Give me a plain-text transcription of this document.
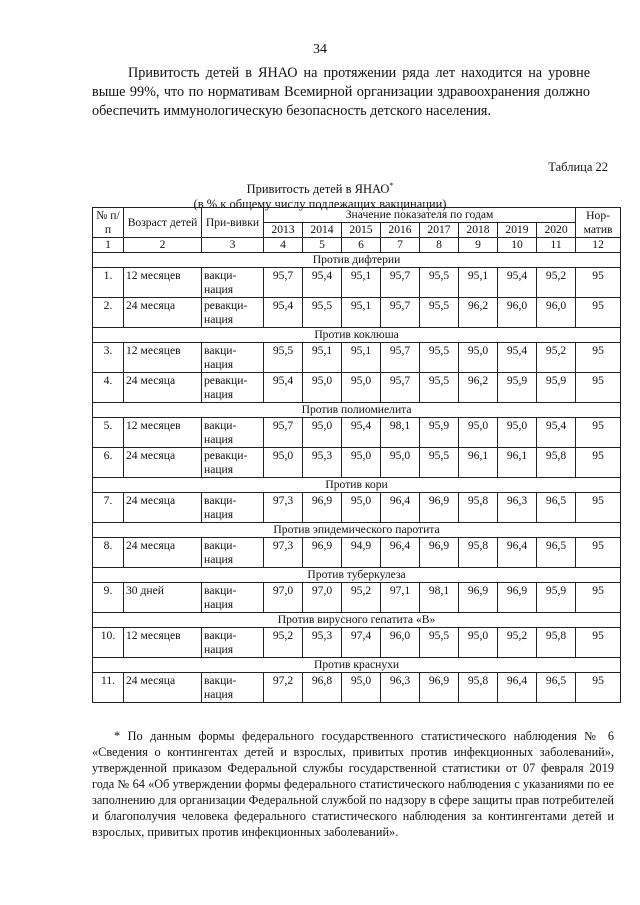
34

Привитость детей в ЯНАО на протяжении ряда лет находится на уровне выше 99%, что по нормативам Всемирной организации здравоохранения должно обеспечить иммунологическую безопасность детского населения.

Таблица 22
Привитость детей в ЯНАО*
(в % к общему числу подлежащих вакцинации)
№ п/п	Возраст детей	При-вивки	Значение показателя по годам								Нор-матив
			2013	2014	2015	2016	2017	2018	2019	2020	
1	2	3	4	5	6	7	8	9	10	11	12
Против дифтерии											
1.	12 месяцев	вакци-нация	95,7	95,4	95,1	95,7	95,5	95,1	95,4	95,2	95
2.	24 месяца	ревакци-нация	95,4	95,5	95,1	95,7	95,5	96,2	96,0	96,0	95
Против коклюша											
3.	12 месяцев	вакци-нация	95,5	95,1	95,1	95,7	95,5	95,0	95,4	95,2	95
4.	24 месяца	ревакци-нация	95,4	95,0	95,0	95,7	95,5	96,2	95,9	95,9	95
Против полиомиелита											
5.	12 месяцев	вакци-нация	95,7	95,0	95,4	98,1	95,9	95,0	95,0	95,4	95
6.	24 месяца	ревакци-нация	95,0	95,3	95,0	95,0	95,5	96,1	96,1	95,8	95
Против кори											
7.	24 месяца	вакци-нация	97,3	96,9	95,0	96,4	96,9	95,8	96,3	96,5	95
Против эпидемического паротита											
8.	24 месяца	вакци-нация	97,3	96,9	94,9	96,4	96,9	95,8	96,4	96,5	95
Против туберкулеза											
9.	30 дней	вакци-нация	97,0	97,0	95,2	97,1	98,1	96,9	96,9	95,9	95
Против вирусного гепатита «В»											
10.	12 месяцев	вакци-нация	95,2	95,3	97,4	96,0	95,5	95,0	95,2	95,8	95
Против краснухи											
11.	24 месяца	вакци-нация	97,2	96,8	95,0	96,3	96,9	95,8	96,4	96,5	95

* По данным формы федерального государственного статистического наблюдения № 6 «Сведения о контингентах детей и взрослых, привитых против инфекционных заболеваний», утвержденной приказом Федеральной службы государственной статистики от 07 февраля 2019 года № 64 «Об утверждении формы федерального статистического наблюдения с указаниями по ее заполнению для организации Федеральной службой по надзору в сфере защиты прав потребителей и благополучия человека федерального статистического наблюдения за контингентами детей и взрослых, привитых против инфекционных заболеваний».
